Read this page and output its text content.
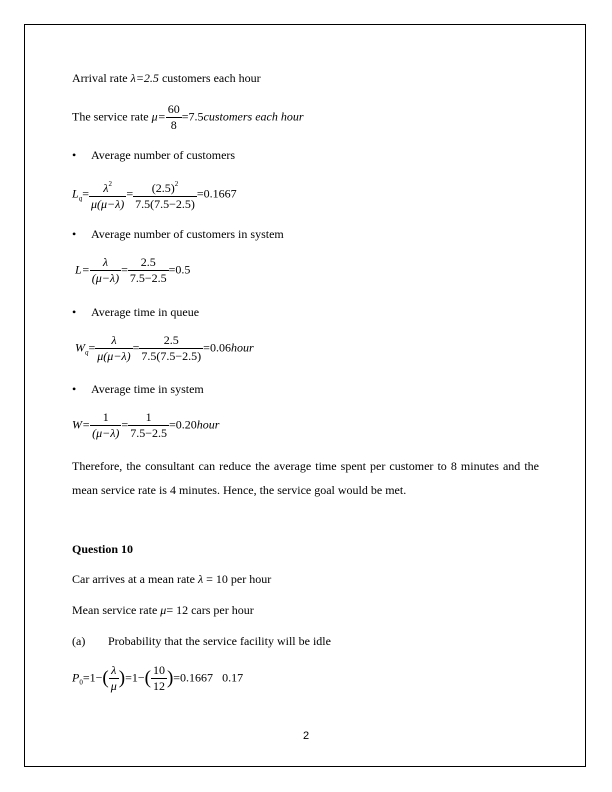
Arrival rate λ=2.5 customers each hour
The service rate $\mu= \frac{60}{8}$ =7.5customers each hour
• Average number of customers
$L_q= \frac{\lambda^2}{\mu(\mu-\lambda)} = \frac{(2.5)^2}{7.5(7.5-2.5)} =0.1667$
• Average number of customers in system
$L= \frac{\lambda}{(\mu-\lambda)} = \frac{2.5}{7.5-2.5} =0.5$
• Average time in queue
$W_q= \frac{\lambda}{\mu(\mu-\lambda)} = \frac{2.5}{7.5(7.5-2.5)}$ =0.06hour
• Average time in system
$W= \frac{1}{(\mu-\lambda)} = \frac{1}{7.5-2.5}$ =0.20hour
Therefore, the consultant can reduce the average time spent per customer to 8 minutes and the mean service rate is 4 minutes. Hence, the service goal would be met.
Question 10
Car arrives at a mean rate λ = 10 per hour
Mean service rate μ= 12 cars per hour
(a) Probability that the service facility will be idle
$P_0=1-( \frac{\lambda}{\mu} )=1-( \frac{10}{12} )=0.1667$ 0.17
2
